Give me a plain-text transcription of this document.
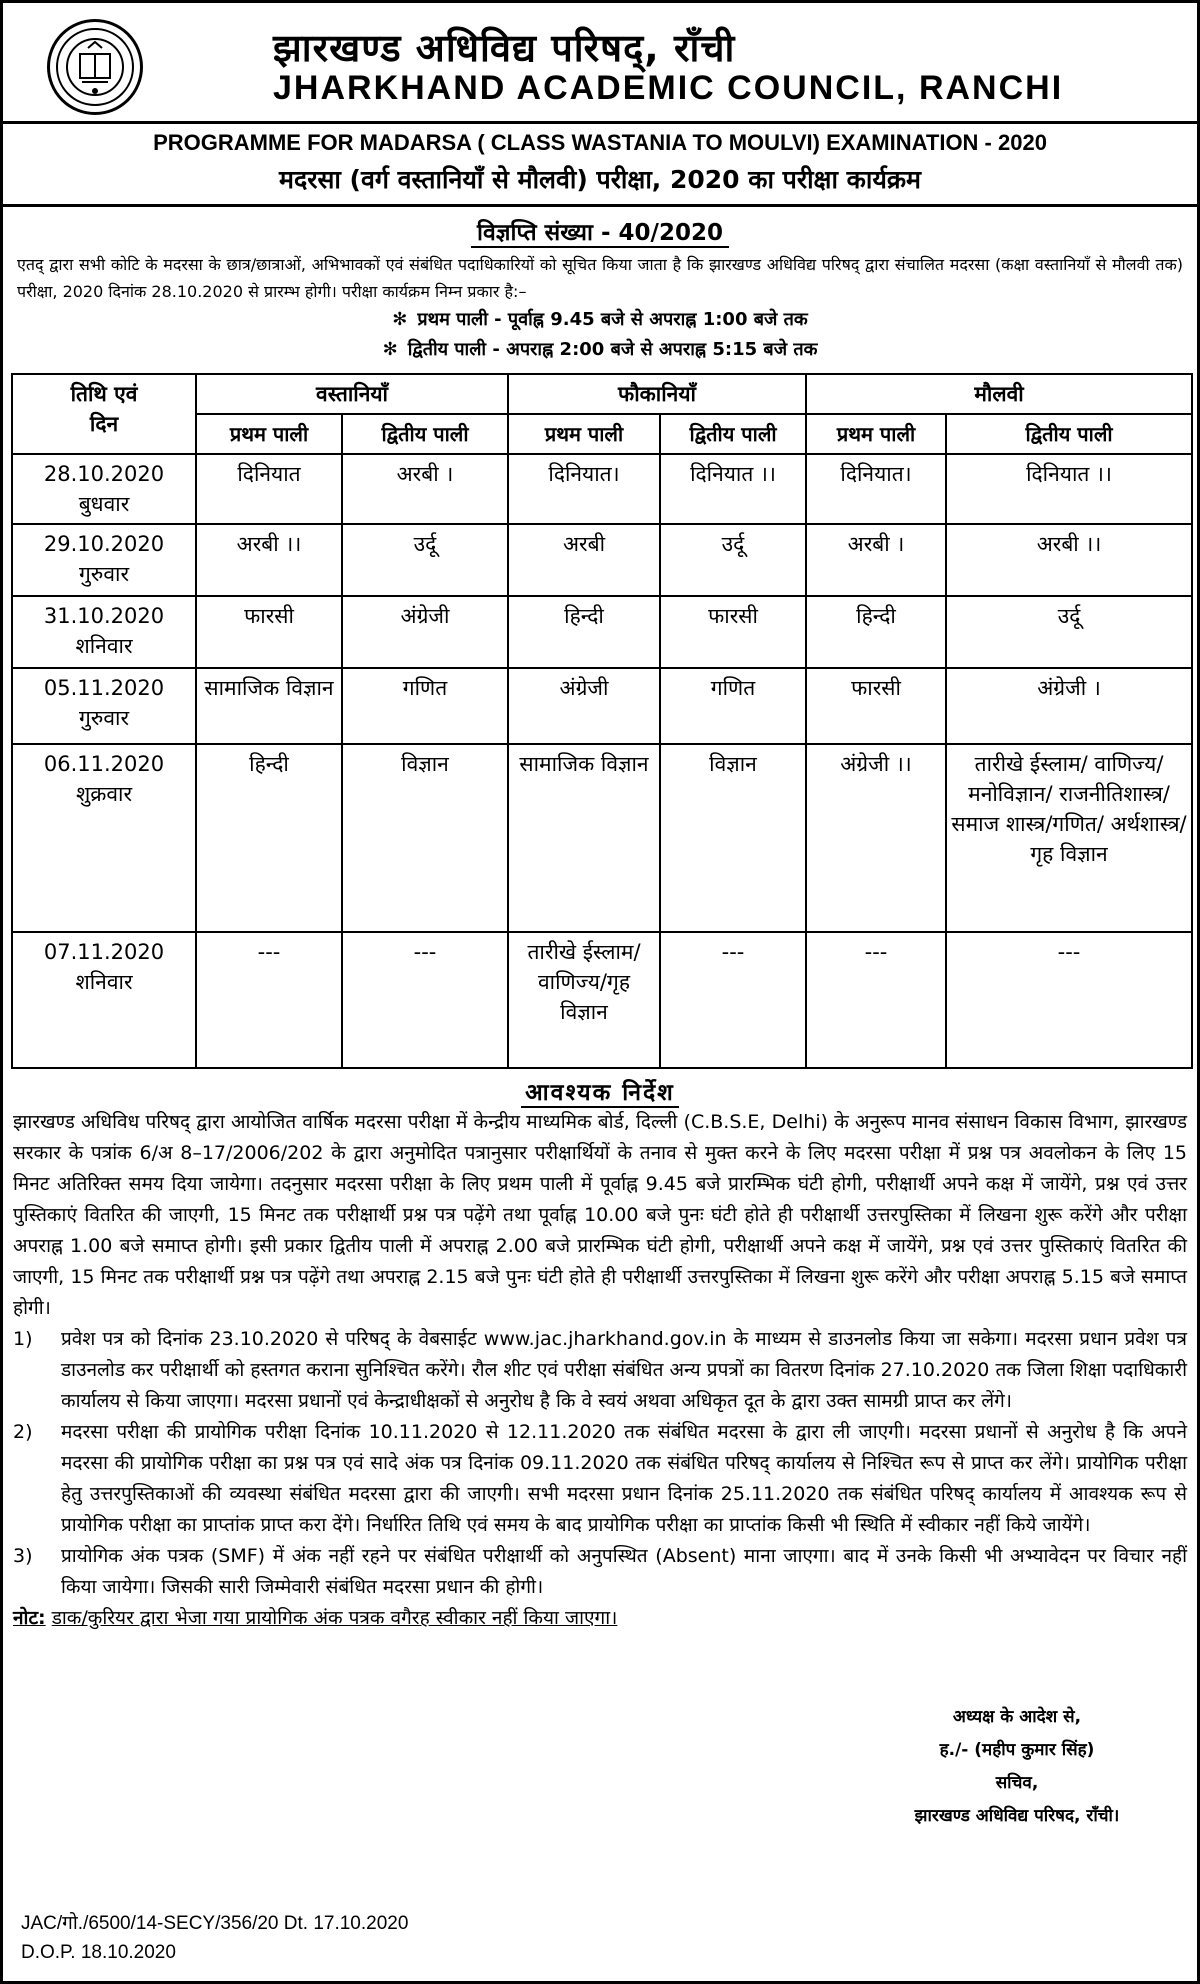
झारखण्ड अधिविद्य परिषद्, राँची
JHARKHAND ACADEMIC COUNCIL, RANCHI
PROGRAMME FOR MADARSA ( CLASS WASTANIA TO MOULVI) EXAMINATION - 2020
मदरसा (वर्ग वस्तानियाँ से मौलवी) परीक्षा, 2020 का परीक्षा कार्यक्रम
विज्ञप्ति संख्या - 40/2020
एतद् द्वारा सभी कोटि के मदरसा के छात्र/छात्राओं, अभिभावकों एवं संबंधित पदाधिकारियों को सूचित किया जाता है कि झारखण्ड अधिविद्य परिषद् द्वारा संचालित मदरसा (कक्षा वस्तानियाँ से मौलवी तक) परीक्षा, 2020 दिनांक 28.10.2020 से प्रारम्भ होगी। परीक्षा कार्यक्रम निम्न प्रकार है:–
✻ प्रथम पाली - पूर्वाह्न 9.45 बजे से अपराह्न 1:00 बजे तक
✻ द्वितीय पाली - अपराह्न 2:00 बजे से अपराह्न 5:15 बजे तक
तिथि एवं
दिन	वस्तानियाँ		फौकानियाँ		मौलवी	
	प्रथम पाली	द्वितीय पाली	प्रथम पाली	द्वितीय पाली	प्रथम पाली	द्वितीय पाली

28.10.2020
बुधवार	दिनियात	अरबी ।	दिनियात।	दिनियात ।।	दिनियात।	दिनियात ।।

29.10.2020
गुरुवार	अरबी ।।	उर्दू	अरबी	उर्दू	अरबी ।	अरबी ।।

31.10.2020
शनिवार	फारसी	अंग्रेजी	हिन्दी	फारसी	हिन्दी	उर्दू

05.11.2020
गुरुवार	सामाजिक विज्ञान	गणित	अंग्रेजी	गणित	फारसी	अंग्रेजी ।

06.11.2020
शुक्रवार	हिन्दी	विज्ञान	सामाजिक विज्ञान	विज्ञान	अंग्रेजी ।।	तारीखे ईस्लाम/ वाणिज्य/मनोविज्ञान/ राजनीतिशास्त्र/समाज शास्त्र/गणित/ अर्थशास्त्र/गृह विज्ञान

07.11.2020
शनिवार	---	---	तारीखे ईस्लाम/ वाणिज्य/गृह विज्ञान	---	---	---
आवश्यक निर्देश
झारखण्ड अधिविध परिषद् द्वारा आयोजित वार्षिक मदरसा परीक्षा में केन्द्रीय माध्यमिक बोर्ड, दिल्ली (C.B.S.E, Delhi) के अनुरूप मानव संसाधन विकास विभाग, झारखण्ड सरकार के पत्रांक 6/अ 8–17/2006/202 के द्वारा अनुमोदित पत्रानुसार परीक्षार्थियों के तनाव से मुक्त करने के लिए मदरसा परीक्षा में प्रश्न पत्र अवलोकन के लिए 15 मिनट अतिरिक्त समय दिया जायेगा। तदनुसार मदरसा परीक्षा के लिए प्रथम पाली में पूर्वाह्न 9.45 बजे प्रारम्भिक घंटी होगी, परीक्षार्थी अपने कक्ष में जायेंगे, प्रश्न एवं उत्तर पुस्तिकाएं वितरित की जाएगी, 15 मिनट तक परीक्षार्थी प्रश्न पत्र पढ़ेंगे तथा पूर्वाह्न 10.00 बजे पुनः घंटी होते ही परीक्षार्थी उत्तरपुस्तिका में लिखना शुरू करेंगे और परीक्षा अपराह्न 1.00 बजे समाप्त होगी। इसी प्रकार द्वितीय पाली में अपराह्न 2.00 बजे प्रारम्भिक घंटी होगी, परीक्षार्थी अपने कक्ष में जायेंगे, प्रश्न एवं उत्तर पुस्तिकाएं वितरित की जाएगी, 15 मिनट तक परीक्षार्थी प्रश्न पत्र पढ़ेंगे तथा अपराह्न 2.15 बजे पुनः घंटी होते ही परीक्षार्थी उत्तरपुस्तिका में लिखना शुरू करेंगे और परीक्षा अपराह्न 5.15 बजे समाप्त होगी।
1)	प्रवेश पत्र को दिनांक 23.10.2020 से परिषद् के वेबसाईट www.jac.jharkhand.gov.in के माध्यम से डाउनलोड किया जा सकेगा। मदरसा प्रधान प्रवेश पत्र डाउनलोड कर परीक्षार्थी को हस्तगत कराना सुनिश्चित करेंगे। रौल शीट एवं परीक्षा संबंधित अन्य प्रपत्रों का वितरण दिनांक 27.10.2020 तक जिला शिक्षा पदाधिकारी कार्यालय से किया जाएगा। मदरसा प्रधानों एवं केन्द्राधीक्षकों से अनुरोध है कि वे स्वयं अथवा अधिकृत दूत के द्वारा उक्त सामग्री प्राप्त कर लेंगे।
2)	मदरसा परीक्षा की प्रायोगिक परीक्षा दिनांक 10.11.2020 से 12.11.2020 तक संबंधित मदरसा के द्वारा ली जाएगी। मदरसा प्रधानों से अनुरोध है कि अपने मदरसा की प्रायोगिक परीक्षा का प्रश्न पत्र एवं सादे अंक पत्र दिनांक 09.11.2020 तक संबंधित परिषद् कार्यालय से निश्चित रूप से प्राप्त कर लेंगे। प्रायोगिक परीक्षा हेतु उत्तरपुस्तिकाओं की व्यवस्था संबंधित मदरसा द्वारा की जाएगी। सभी मदरसा प्रधान दिनांक 25.11.2020 तक संबंधित परिषद् कार्यालय में आवश्यक रूप से प्रायोगिक परीक्षा का प्राप्तांक प्राप्त करा देंगे। निर्धारित तिथि एवं समय के बाद प्रायोगिक परीक्षा का प्राप्तांक किसी भी स्थिति में स्वीकार नहीं किये जायेंगे।
3)	प्रायोगिक अंक पत्रक (SMF) में अंक नहीं रहने पर संबंधित परीक्षार्थी को अनुपस्थित (Absent) माना जाएगा। बाद में उनके किसी भी अभ्यावेदन पर विचार नहीं किया जायेगा। जिसकी सारी जिम्मेवारी संबंधित मदरसा प्रधान की होगी।
नोट: डाक/कुरियर द्वारा भेजा गया प्रायोगिक अंक पत्रक वगैरह स्वीकार नहीं किया जाएगा।
अध्यक्ष के आदेश से,
ह./- (महीप कुमार सिंह)
सचिव,
झारखण्ड अधिविद्य परिषद, राँची।
JAC/गो./6500/14-SECY/356/20 Dt. 17.10.2020
D.O.P. 18.10.2020
